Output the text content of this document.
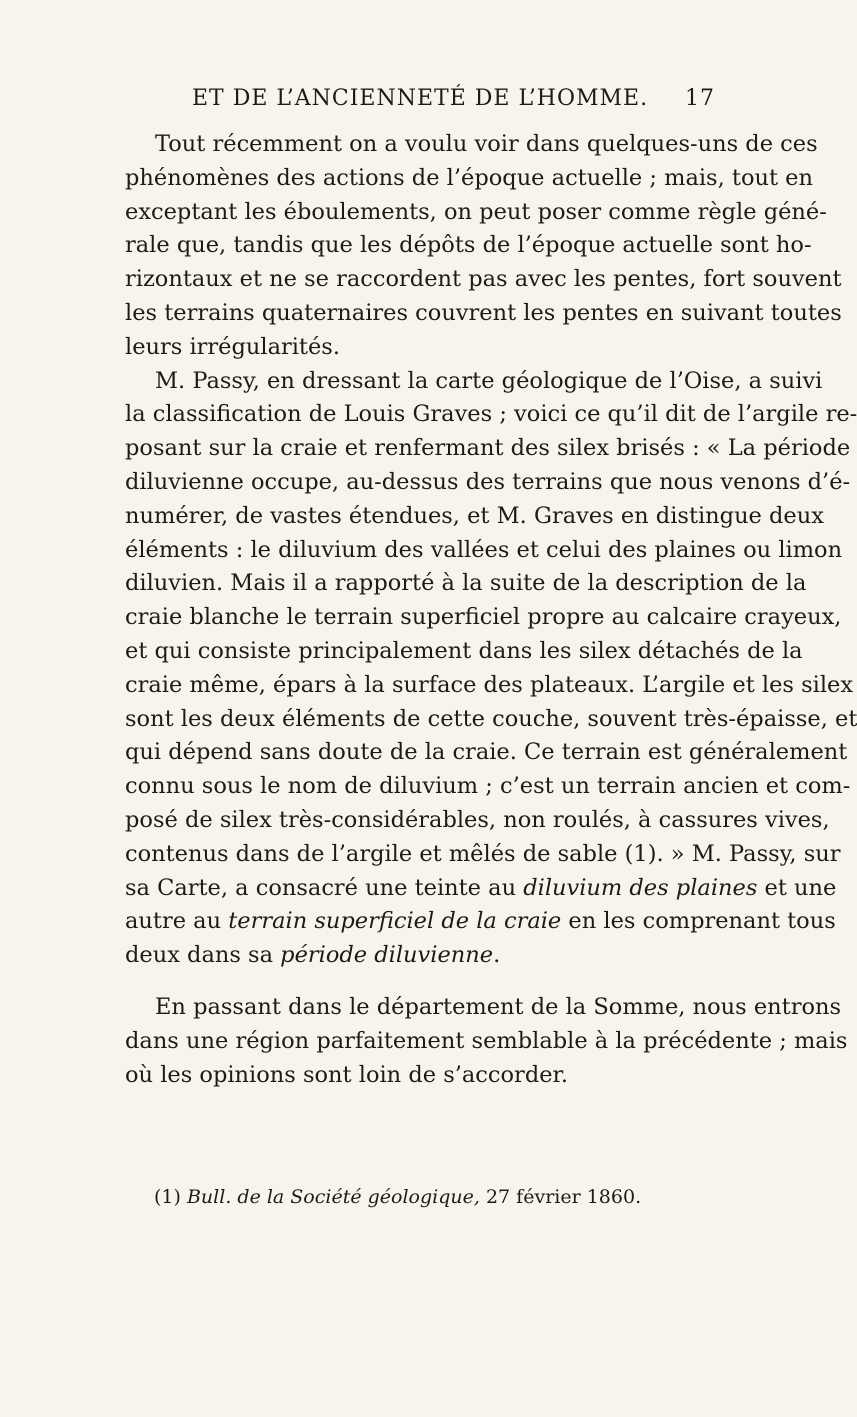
ET DE L’ANCIENNETÉ DE L’HOMME. 17
Tout récemment on a voulu voir dans quelques-uns de ces
phénomènes des actions de l’époque actuelle ; mais, tout en
exceptant les éboulements, on peut poser comme règle géné-
rale que, tandis que les dépôts de l’époque actuelle sont ho-
rizontaux et ne se raccordent pas avec les pentes, fort souvent
les terrains quaternaires couvrent les pentes en suivant toutes
leurs irrégularités.
M. Passy, en dressant la carte géologique de l’Oise, a suivi
la classification de Louis Graves ; voici ce qu’il dit de l’argile re-
posant sur la craie et renfermant des silex brisés : « La période
diluvienne occupe, au-dessus des terrains que nous venons d’é-
numérer, de vastes étendues, et M. Graves en distingue deux
éléments : le diluvium des vallées et celui des plaines ou limon
diluvien. Mais il a rapporté à la suite de la description de la
craie blanche le terrain superficiel propre au calcaire crayeux,
et qui consiste principalement dans les silex détachés de la
craie même, épars à la surface des plateaux. L’argile et les silex
sont les deux éléments de cette couche, souvent très-épaisse, et
qui dépend sans doute de la craie. Ce terrain est généralement
connu sous le nom de diluvium ; c’est un terrain ancien et com-
posé de silex très-considérables, non roulés, à cassures vives,
contenus dans de l’argile et mêlés de sable (1). » M. Passy, sur
sa Carte, a consacré une teinte au diluvium des plaines et une
autre au terrain superficiel de la craie en les comprenant tous
deux dans sa période diluvienne.
En passant dans le département de la Somme, nous entrons
dans une région parfaitement semblable à la précédente ; mais
où les opinions sont loin de s’accorder.
(1) Bull. de la Société géologique, 27 février 1860.
